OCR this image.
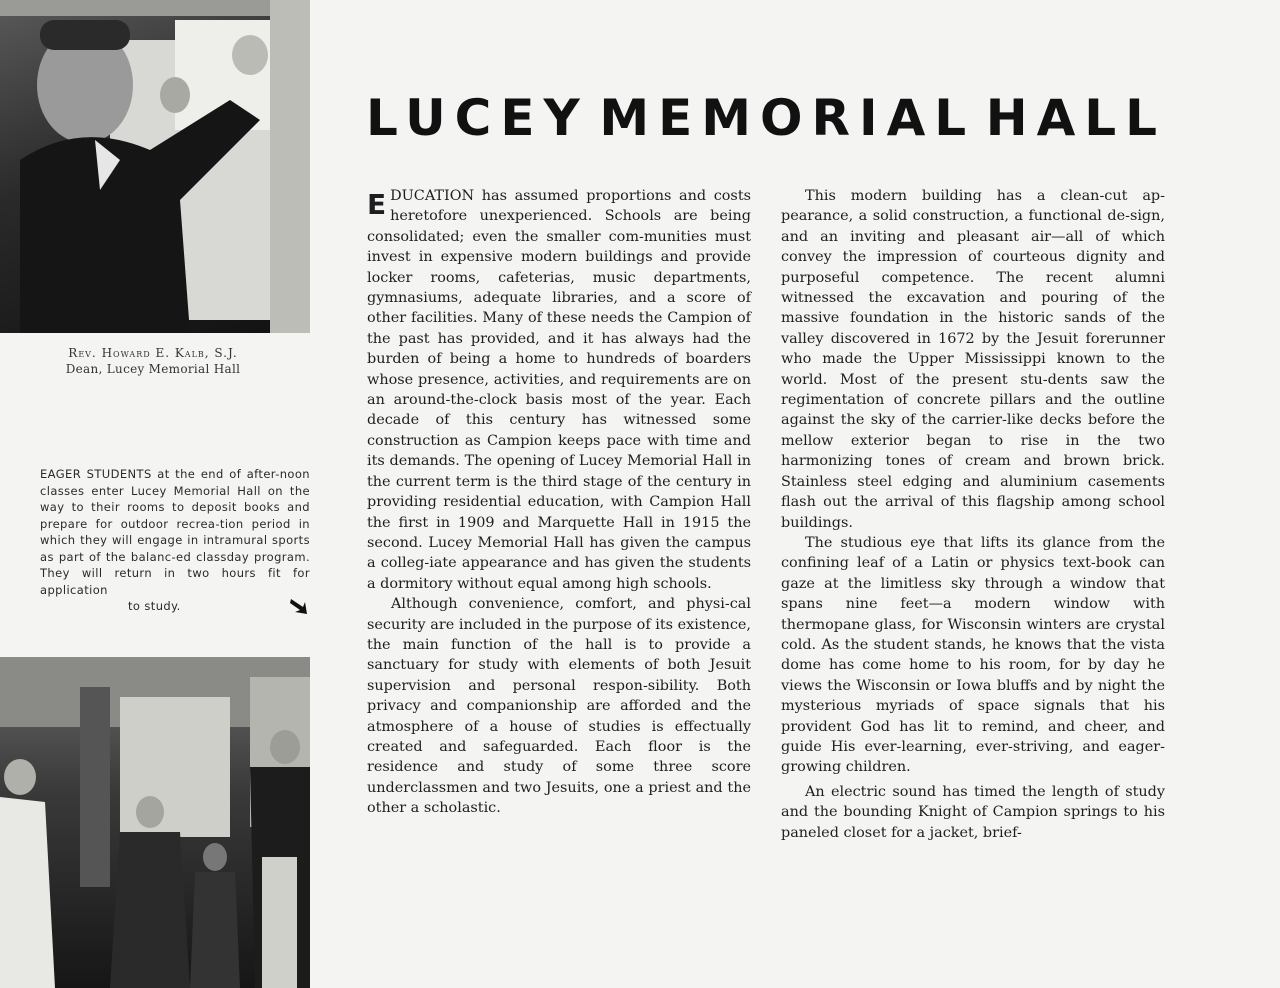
Rev. Howard E. Kalb, S.J.
Dean, Lucey Memorial Hall
EAGER STUDENTS at the end of after-noon classes enter Lucey Memorial Hall on the way to their rooms to deposit books and prepare for outdoor recrea-tion period in which they will engage in intramural sports as part of the balanc-ed classday program. They will return in two hours fit for application
to study.
LUCEY MEMORIAL HALL

EDUCATION has assumed proportions and costs heretofore unexperienced. Schools are being consolidated; even the smaller com-munities must invest in expensive modern buildings and provide locker rooms, cafeterias, music departments, gymnasiums, adequate libraries, and a score of other facilities. Many of these needs the Campion of the past has provided, and it has always had the burden of being a home to hundreds of boarders whose presence, activities, and requirements are on an around-the-clock basis most of the year. Each decade of this century has witnessed some construction as Campion keeps pace with time and its demands. The opening of Lucey Memorial Hall in the current term is the third stage of the century in providing residential education, with Campion Hall the first in 1909 and Marquette Hall in 1915 the second. Lucey Memorial Hall has given the campus a colleg-iate appearance and has given the students a dormitory without equal among high schools.

Although convenience, comfort, and physi-cal security are included in the purpose of its existence, the main function of the hall is to provide a sanctuary for study with elements of both Jesuit supervision and personal respon-sibility. Both privacy and companionship are afforded and the atmosphere of a house of studies is effectually created and safeguarded. Each floor is the residence and study of some three score underclassmen and two Jesuits, one a priest and the other a scholastic.

This modern building has a clean-cut ap-pearance, a solid construction, a functional de-sign, and an inviting and pleasant air—all of which convey the impression of courteous dignity and purposeful competence. The recent alumni witnessed the excavation and pouring of the massive foundation in the historic sands of the valley discovered in 1672 by the Jesuit forerunner who made the Upper Mississippi known to the world. Most of the present stu-dents saw the regimentation of concrete pillars and the outline against the sky of the carrier-like decks before the mellow exterior began to rise in the two harmonizing tones of cream and brown brick. Stainless steel edging and aluminium casements flash out the arrival of this flagship among school buildings.

The studious eye that lifts its glance from the confining leaf of a Latin or physics text-book can gaze at the limitless sky through a window that spans nine feet—a modern window with thermopane glass, for Wisconsin winters are crystal cold. As the student stands, he knows that the vista dome has come home to his room, for by day he views the Wisconsin or Iowa bluffs and by night the mysterious myriads of space signals that his provident God has lit to remind, and cheer, and guide His ever-learning, ever-striving, and eager-growing children.

An electric sound has timed the length of study and the bounding Knight of Campion springs to his paneled closet for a jacket, brief-
